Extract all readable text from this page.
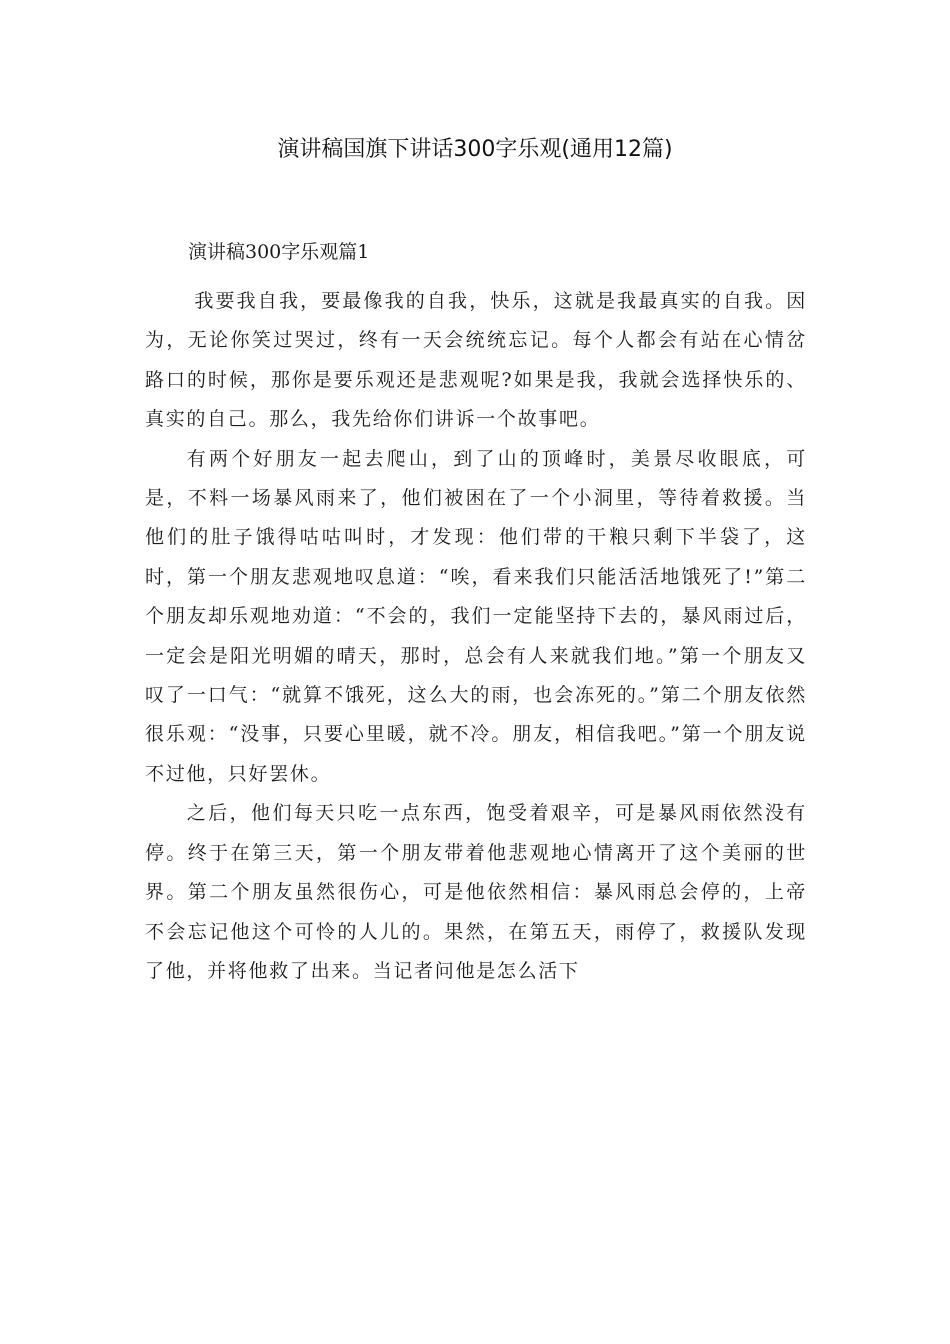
演讲稿国旗下讲话300字乐观(通用12篇)
演讲稿300字乐观篇1

我要我自我，要最像我的自我，快乐，这就是我最真实的自我。因为，无论你笑过哭过，终有一天会统统忘记。每个人都会有站在心情岔路口的时候，那你是要乐观还是悲观呢?如果是我，我就会选择快乐的、真实的自己。那么，我先给你们讲诉一个故事吧。

有两个好朋友一起去爬山，到了山的顶峰时，美景尽收眼底，可是，不料一场暴风雨来了，他们被困在了一个小洞里，等待着救援。当他们的肚子饿得咕咕叫时，才发现：他们带的干粮只剩下半袋了，这时，第一个朋友悲观地叹息道：“唉，看来我们只能活活地饿死了!”第二个朋友却乐观地劝道：“不会的，我们一定能坚持下去的，暴风雨过后，一定会是阳光明媚的晴天，那时，总会有人来就我们地。”第一个朋友又叹了一口气：“就算不饿死，这么大的雨，也会冻死的。”第二个朋友依然很乐观：“没事，只要心里暖，就不冷。朋友，相信我吧。”第一个朋友说不过他，只好罢休。

之后，他们每天只吃一点东西，饱受着艰辛，可是暴风雨依然没有停。终于在第三天，第一个朋友带着他悲观地心情离开了这个美丽的世界。第二个朋友虽然很伤心，可是他依然相信：暴风雨总会停的，上帝不会忘记他这个可怜的人儿的。果然，在第五天，雨停了，救援队发现了他，并将他救了出来。当记者问他是怎么活下
